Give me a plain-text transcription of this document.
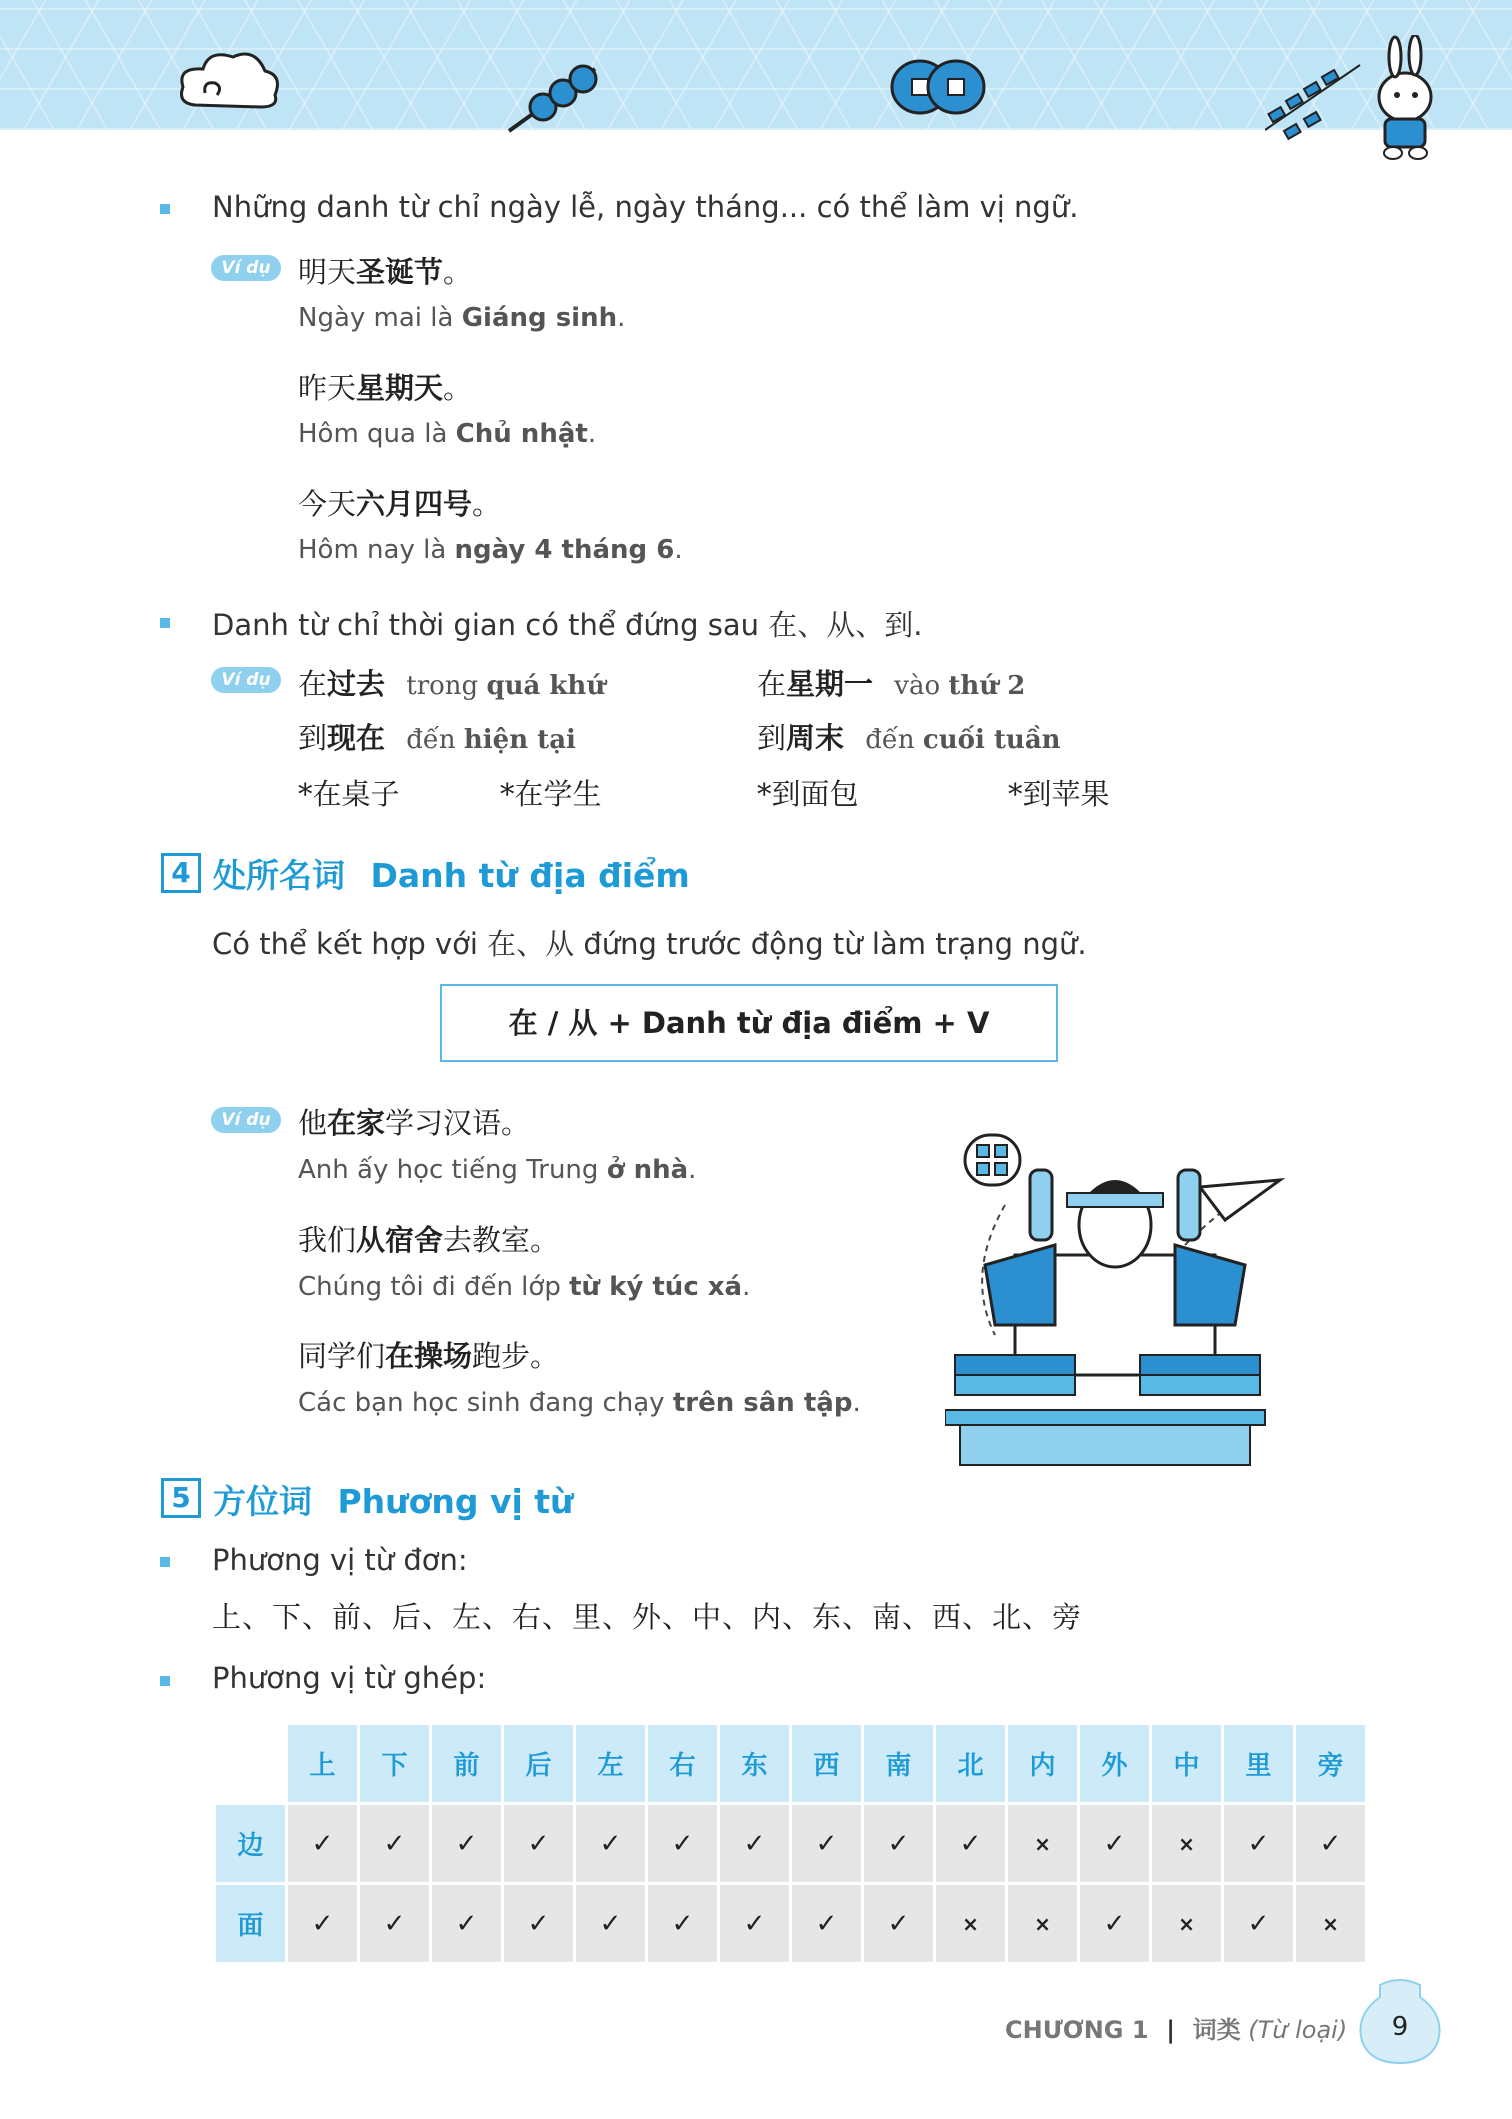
Những danh từ chỉ ngày lễ, ngày tháng... có thể làm vị ngữ.
Ví dụ 明天圣诞节。
Ngày mai là Giáng sinh.
昨天星期天。
Hôm qua là Chủ nhật.
今天六月四号。
Hôm nay là ngày 4 tháng 6.
Danh từ chỉ thời gian có thể đứng sau 在、从、到.
Ví dụ 在过去 trong quá khứ	在星期一 vào thứ 2
到现在 đến hiện tại	到周末 đến cuối tuần
*在桌子	*在学生	*到面包	*到苹果
4 处所名词 Danh từ địa điểm
Có thể kết hợp với 在、从 đứng trước động từ làm trạng ngữ.
在 / 从 + Danh từ địa điểm + V
Ví dụ 他在家学习汉语。
Anh ấy học tiếng Trung ở nhà.
我们从宿舍去教室。
Chúng tôi đi đến lớp từ ký túc xá.
同学们在操场跑步。
Các bạn học sinh đang chạy trên sân tập.
5 方位词 Phương vị từ
Phương vị từ đơn:
上、下、前、后、左、右、里、外、中、内、东、南、西、北、旁
Phương vị từ ghép:
	上	下	前	后	左	右	东	西	南	北	内	外	中	里	旁
边	✓	✓	✓	✓	✓	✓	✓	✓	✓	✓	×	✓	×	✓	✓
面	✓	✓	✓	✓	✓	✓	✓	✓	✓	×	×	✓	×	✓	×
CHƯƠNG 1 | 词类 (Từ loại)	9
